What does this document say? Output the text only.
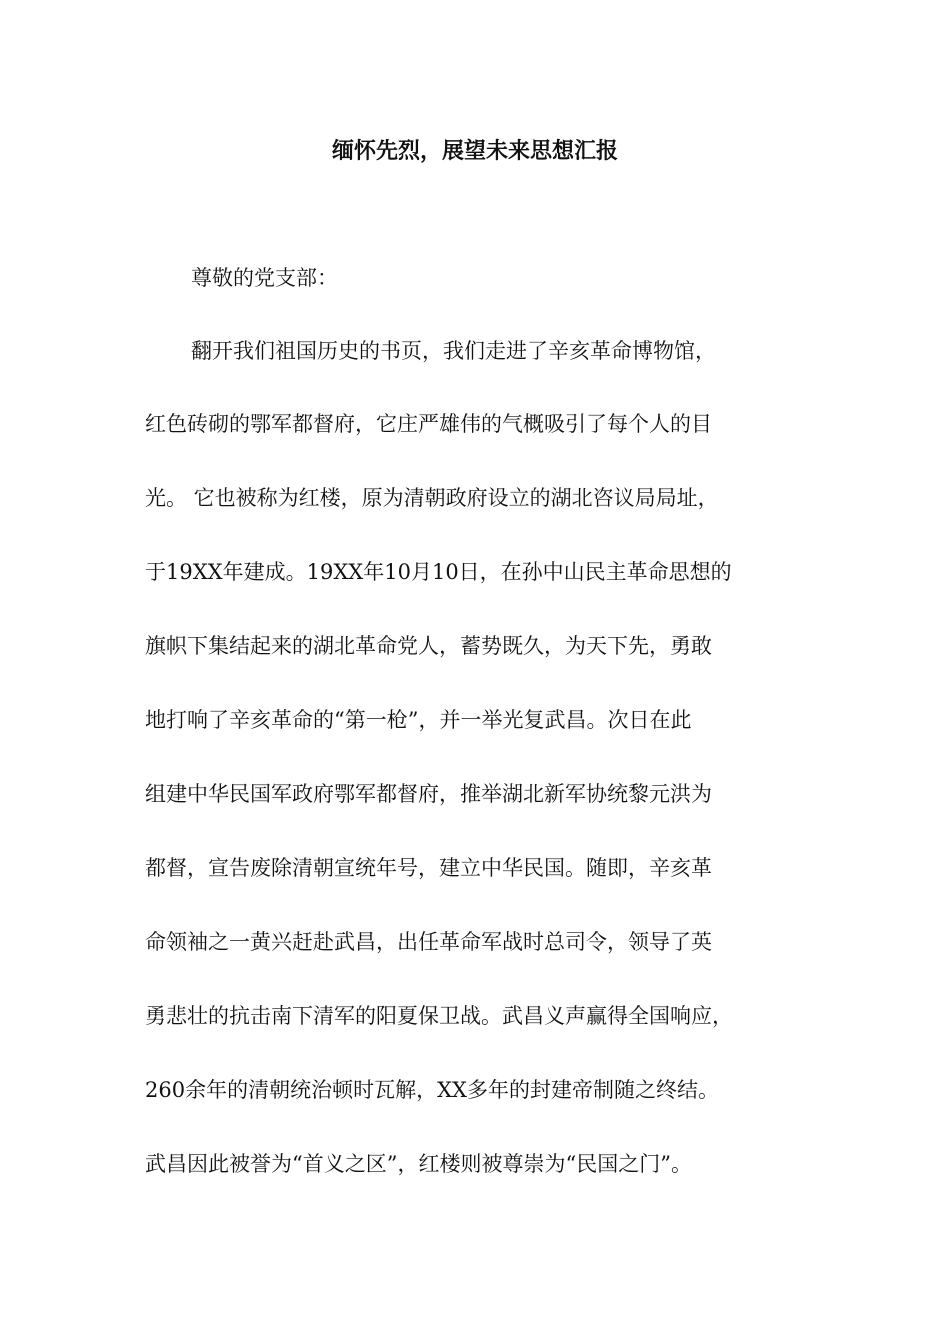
缅怀先烈，展望未来思想汇报
尊敬的党支部：
翻开我们祖国历史的书页，我们走进了辛亥革命博物馆，
红色砖砌的鄂军都督府，它庄严雄伟的气概吸引了每个人的目
光。 它也被称为红楼，原为清朝政府设立的湖北咨议局局址，
于19XX年建成。19XX年10月10日，在孙中山民主革命思想的
旗帜下集结起来的湖北革命党人，蓄势既久，为天下先，勇敢
地打响了辛亥革命的“第一枪”，并一举光复武昌。次日在此
组建中华民国军政府鄂军都督府，推举湖北新军协统黎元洪为
都督，宣告废除清朝宣统年号，建立中华民国。随即，辛亥革
命领袖之一黄兴赶赴武昌，出任革命军战时总司令，领导了英
勇悲壮的抗击南下清军的阳夏保卫战。武昌义声赢得全国响应，
260余年的清朝统治顿时瓦解，XX多年的封建帝制随之终结。
武昌因此被誉为“首义之区”，红楼则被尊崇为“民国之门”。
